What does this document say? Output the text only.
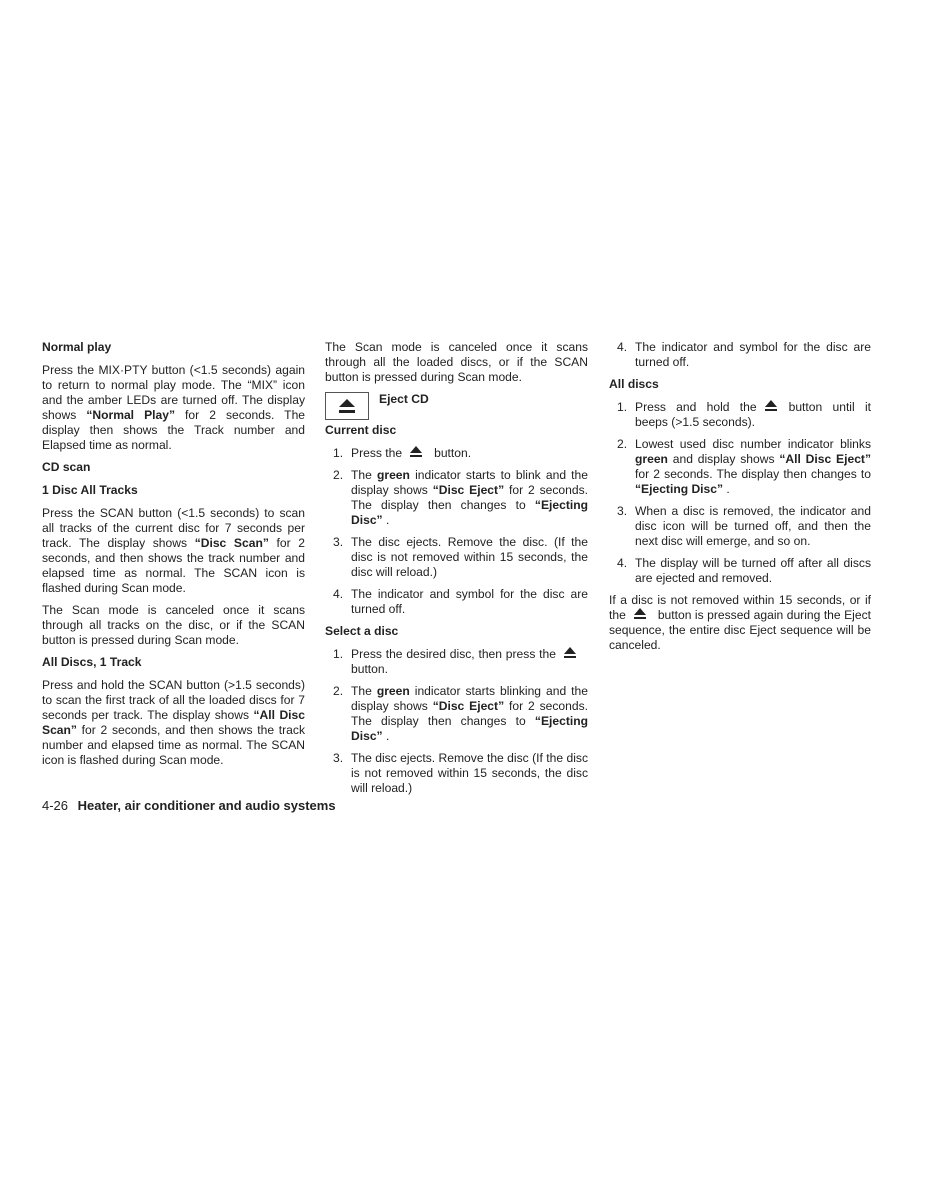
Normal play

Press the MIX·PTY button (<1.5 seconds) again to return to normal play mode. The “MIX” icon and the amber LEDs are turned off. The display shows “Normal Play” for 2 seconds. The display then shows the Track number and Elapsed time as normal.

CD scan
1 Disc All Tracks

Press the SCAN button (<1.5 seconds) to scan all tracks of the current disc for 7 seconds per track. The display shows “Disc Scan” for 2 seconds, and then shows the track number and elapsed time as normal. The SCAN icon is flashed during Scan mode.

The Scan mode is canceled once it scans through all tracks on the disc, or if the SCAN button is pressed during Scan mode.

All Discs, 1 Track

Press and hold the SCAN button (>1.5 seconds) to scan the first track of all the loaded discs for 7 seconds per track. The display shows “All Disc Scan” for 2 seconds, and then shows the track number and elapsed time as normal. The SCAN icon is flashed during Scan mode.

The Scan mode is canceled once it scans through all the loaded discs, or if the SCAN button is pressed during Scan mode.

Eject CD
Current disc
1. Press the	button.
2. The green indicator starts to blink and the display shows “Disc Eject” for 2 seconds. The display then changes to “Ejecting Disc” .
3. The disc ejects. Remove the disc. (If the disc is not removed within 15 seconds, the disc will reload.)
4. The indicator and symbol for the disc are turned off.
Select a disc
1. Press the desired disc, then press thebutton.
2. The green indicator starts blinking and the display shows “Disc Eject” for 2 seconds. The display then changes to “Ejecting Disc” .
3. The disc ejects. Remove the disc (If the disc is not removed within 15 seconds, the disc will reload.)
4. The indicator and symbol for the disc are turned off.
All discs
1. Press and hold the	button until it beeps (>1.5 seconds).
2. Lowest used disc number indicator blinks green and display shows “All Disc Eject” for 2 seconds. The display then changes to “Ejecting Disc” .
3. When a disc is removed, the indicator and disc icon will be turned off, and then the next disc will emerge, and so on.
4. The display will be turned off after all discs are ejected and removed.

If a disc is not removed within 15 seconds, or if the	button is pressed again during the Eject sequence, the entire disc Eject sequence will be canceled.

4-26 Heater, air conditioner and audio systems
